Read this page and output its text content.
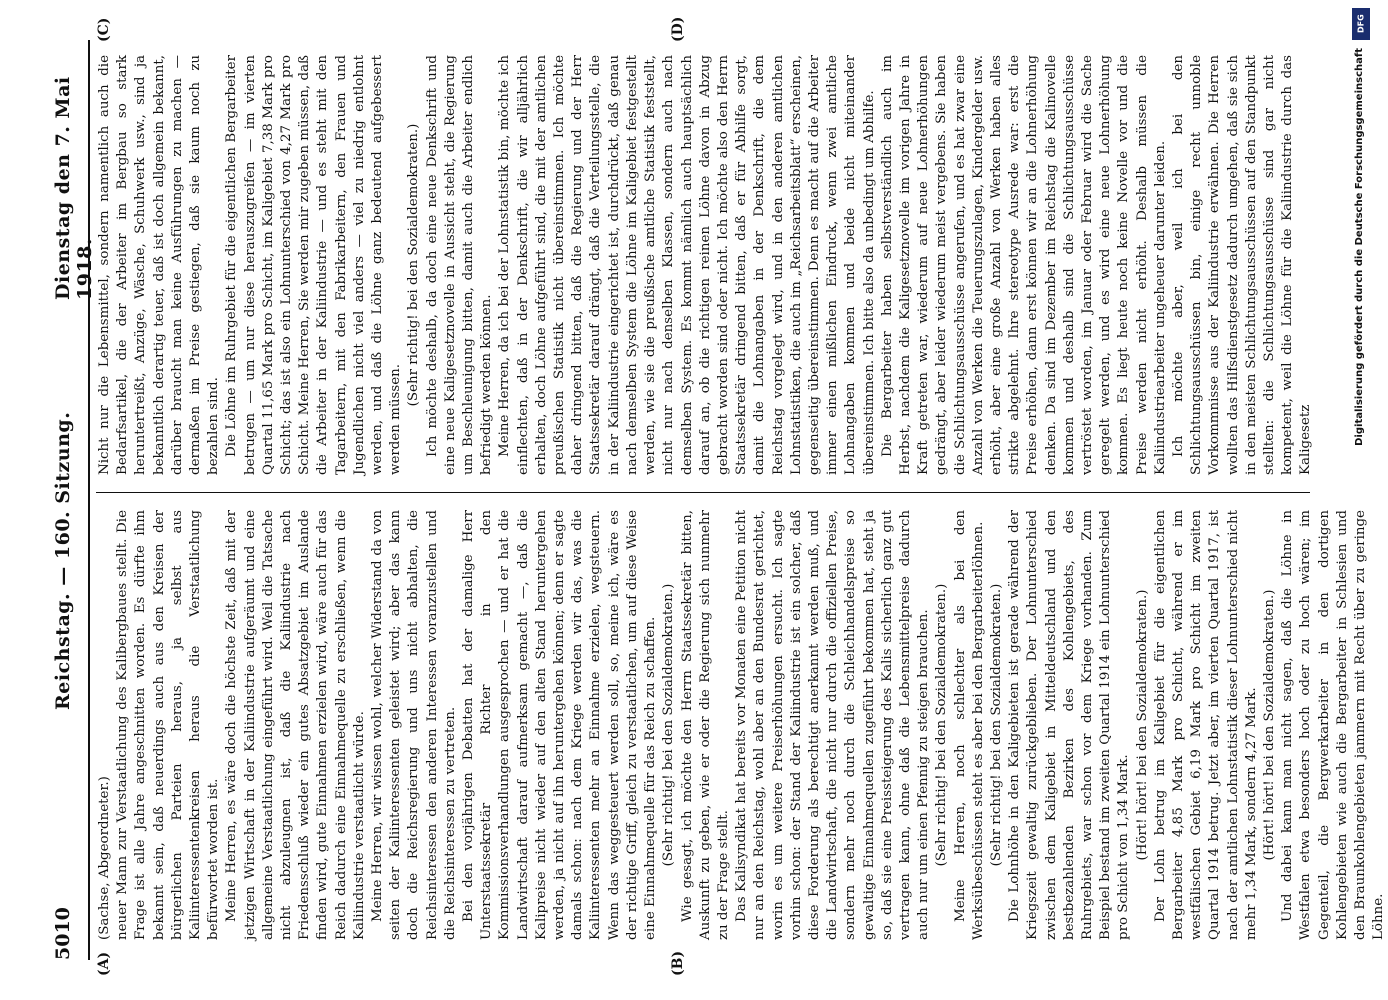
5010
Reichstag. — 160. Sitzung.
Dienstag den 7. Mai 1918.
(A)	(B)
(C)	(D)

(Sachse, Abgeordneter.) neuer Mann zur Verstaatlichung des Kalibergbaues stellt. Die Frage ist alle Jahre angeschnitten worden. Es dürfte ihm bekannt sein, daß neuerdings auch aus den Kreisen der bürgerlichen Parteien heraus, ja selbst aus Kaliinteressentenkreisen heraus die Verstaatlichung befürwortet worden ist. Meine Herren, es wäre doch die höchste Zeit, daß mit der jetzigen Wirtschaft in der Kaliindustrie aufgeräumt und eine allgemeine Verstaatlichung eingeführt wird. Weil die Tatsache nicht abzuleugnen ist, daß die Kaliindustrie nach Friedensschluß wieder ein gutes Absatzgebiet im Auslande finden wird, gute Einnahmen erzielen wird, wäre auch für das Reich dadurch eine Einnahmequelle zu erschließen, wenn die Kaliindustrie verstaatlicht würde. Meine Herren, wir wissen wohl, welcher Widerstand da von seiten der Kaliinteressenten geleistet wird; aber das kann doch die Reichsregierung und uns nicht abhalten, die Reichsinteressen den anderen Interessen voranzustellen und die Reichsinteressen zu vertreten. Bei den vorjährigen Debatten hat der damalige Herr Unterstaatssekretär Richter in den Kommissionsverhandlungen ausgesprochen — und er hat die Landwirtschaft darauf aufmerksam gemacht —, daß die Kalipreise nicht wieder auf den alten Stand heruntergehen werden, ja nicht auf ihn heruntergehen können; denn er sagte damals schon: nach dem Kriege werden wir das, was die Kaliinteressenten mehr an Einnahme erzielen, wegsteuern. Wenn das weggesteuert werden soll, so, meine ich, wäre es der richtige Griff, gleich zu verstaatlichen, um auf diese Weise eine Einnahmequelle für das Reich zu schaffen. (Sehr richtig! bei den Sozialdemokraten.) Wie gesagt, ich möchte den Herrn Staatssekretär bitten, Auskunft zu geben, wie er oder die Regierung sich nunmehr zu der Frage stellt. Das Kalisyndikat hat bereits vor Monaten eine Petition nicht nur an den Reichstag, wohl aber an den Bundesrat gerichtet, worin es um weitere Preiserhöhungen ersucht. Ich sagte vorhin schon: der Stand der Kaliindustrie ist ein solcher, daß diese Forderung als berechtigt anerkannt werden muß, und die Landwirtschaft, die nicht nur durch die offiziellen Preise, sondern mehr noch durch die Schleichhandelspreise so gewaltige Einnahmequellen zugeführt bekommen hat, steht ja so, daß sie eine Preissteigerung des Kalis sicherlich ganz gut vertragen kann, ohne daß die Lebensmittelpreise dadurch auch nur um einen Pfennig zu steigen brauchen. (Sehr richtig! bei den Sozialdemokraten.) Meine Herren, noch schlechter als bei den Werksübeschüssen steht es aber bei den Bergarbeiterlöhnen. (Sehr richtig! bei den Sozialdemokraten.) Die Lohnhöhe in den Kaligebieten ist gerade während der Kriegszeit gewaltig zurückgeblieben. Der Lohnunterschied zwischen dem Kaligebiet in Mitteldeutschland und den bestbezahlenden Bezirken des Kohlengebiets, des Ruhrgebiets, war schon vor dem Kriege vorhanden. Zum Beispiel bestand im zweiten Quartal 1914 ein Lohnunterschied pro Schicht von 1,34 Mark. (Hört! hört! bei den Sozialdemokraten.) Der Lohn betrug im Kaligebiet für die eigentlichen Bergarbeiter 4,85 Mark pro Schicht, während er im westfälischen Gebiet 6,19 Mark pro Schicht im zweiten Quartal 1914 betrug. Jetzt aber, im vierten Quartal 1917, ist nach der amtlichen Lohnstatistik dieser Lohnunterschied nicht mehr 1,34 Mark, sondern 4,27 Mark. (Hört! hört! bei den Sozialdemokraten.) Und dabei kann man nicht sagen, daß die Löhne in Westfalen etwa besonders hoch oder zu hoch wären; im Gegenteil, die Bergwerkarbeiter in den dortigen Kohlengebieten wie auch die Bergarbeiter in Schlesien und den Braunkohlengebieten jammern mit Recht über zu geringe Löhne.

Nicht nur die Lebensmittel, sondern namentlich auch die Bedarfsartikel, die der Arbeiter im Bergbau so stark heruntertreißt, Anzüge, Wäsche, Schuhwerk usw., sind ja bekanntlich derartig teuer, daß ist doch allgemein bekannt, darüber braucht man keine Ausführungen zu machen — dermaßen im Preise gestiegen, daß sie kaum noch zu bezahlen sind. Die Löhne im Ruhrgebiet für die eigentlichen Bergarbeiter betrugen — um nur diese herauszugreifen — im vierten Quartal 11,65 Mark pro Schicht, im Kaligebiet 7,38 Mark pro Schicht; das ist also ein Lohnunterschied von 4,27 Mark pro Schicht. Meine Herren, Sie werden mir zugeben müssen, daß die Arbeiter in der Kaliindustrie — und es steht mit den Tagarbeitern, mit den Fabrikarbeitern, den Frauen und Jugendlichen nicht viel anders — viel zu niedrig entlohnt werden, und daß die Löhne ganz bedeutend aufgebessert werden müssen.

(Sehr richtig! bei den Sozialdemokraten.) Ich möchte deshalb, da doch eine neue Denkschrift und eine neue Kaligesetznovelle in Aussicht steht, die Regierung um Beschleunigung bitten, damit auch die Arbeiter endlich befriedigt werden können. Meine Herren, da ich bei der Lohnstatistik bin, möchte ich einflechten, daß in der Denkschrift, die wir alljährlich erhalten, doch Löhne aufgeführt sind, die mit der amtlichen preußischen Statistik nicht übereinstimmen. Ich möchte daher dringend bitten, daß die Regierung und der Herr Staatssekretär darauf drängt, daß die Verteilungsstelle, die in der Kaliindustrie eingerichtet ist, durchdrückt, daß genau nach demselben System die Löhne im Kaligebiet festgestellt werden, wie sie die preußische amtliche Statistik feststellt, nicht nur nach denselben Klassen, sondern auch nach demselben System. Es kommt nämlich auch hauptsächlich darauf an, ob die richtigen reinen Löhne davon in Abzug gebracht worden sind oder nicht. Ich möchte also den Herrn Staatssekretär dringend bitten, daß er für Abhilfe sorgt, damit die Lohnangaben in der Denkschrift, die dem Reichstag vorgelegt wird, und in den anderen amtlichen Lohnstatistiken, die auch im „Reichsarbeitsblatt“ erscheinen, gegenseitig übereinstimmen. Denn es macht auf die Arbeiter immer einen mißlichen Eindruck, wenn zwei amtliche Lohnangaben kommen und beide nicht miteinander übereinstimmen. Ich bitte also da unbedingt um Abhilfe. Die Bergarbeiter haben selbstverständlich auch im Herbst, nachdem die Kaligesetznovelle im vorigen Jahre in Kraft getreten war, wiederum auf neue Lohnerhöhungen gedrängt, aber leider wiederum meist vergebens. Sie haben die Schlichtungsausschüsse angerufen, und es hat zwar eine Anzahl von Werken die Teuerungszulagen, Kindergelder usw. erhöht, aber eine große Anzahl von Werken haben alles strikte abgelehnt. Ihre stereotype Ausrede war: erst die Preise erhöhen, dann erst können wir an die Lohnerhöhung denken. Da sind im Dezember im Reichstag die Kalinovelle kommen und deshalb sind die Schlichtungsausschüsse vertröstet worden, im Januar oder Februar wird die Sache geregelt werden, und es wird eine neue Lohnerhöhung kommen. Es liegt heute noch keine Novelle vor und die Preise werden nicht erhöht. Deshalb müssen die Kaliindustriearbeiter ungeheuer darunter leiden. Ich möchte aber, weil ich bei den Schlichtungsausschüssen bin, einige recht unnoble Vorkommnisse aus der Kaliindustrie erwähnen. Die Herren wollten das Hilfsdienstgesetz dadurch umgehen, daß sie sich in den meisten Schlichtungsausschüssen auf den Standpunkt stellten: die Schlichtungsausschüsse sind gar nicht kompetent, weil die Löhne für die Kaliindustrie durch das Kaligesetz

DFG
Digitalisierung gefördert durch die Deutsche Forschungsgemeinschaft
